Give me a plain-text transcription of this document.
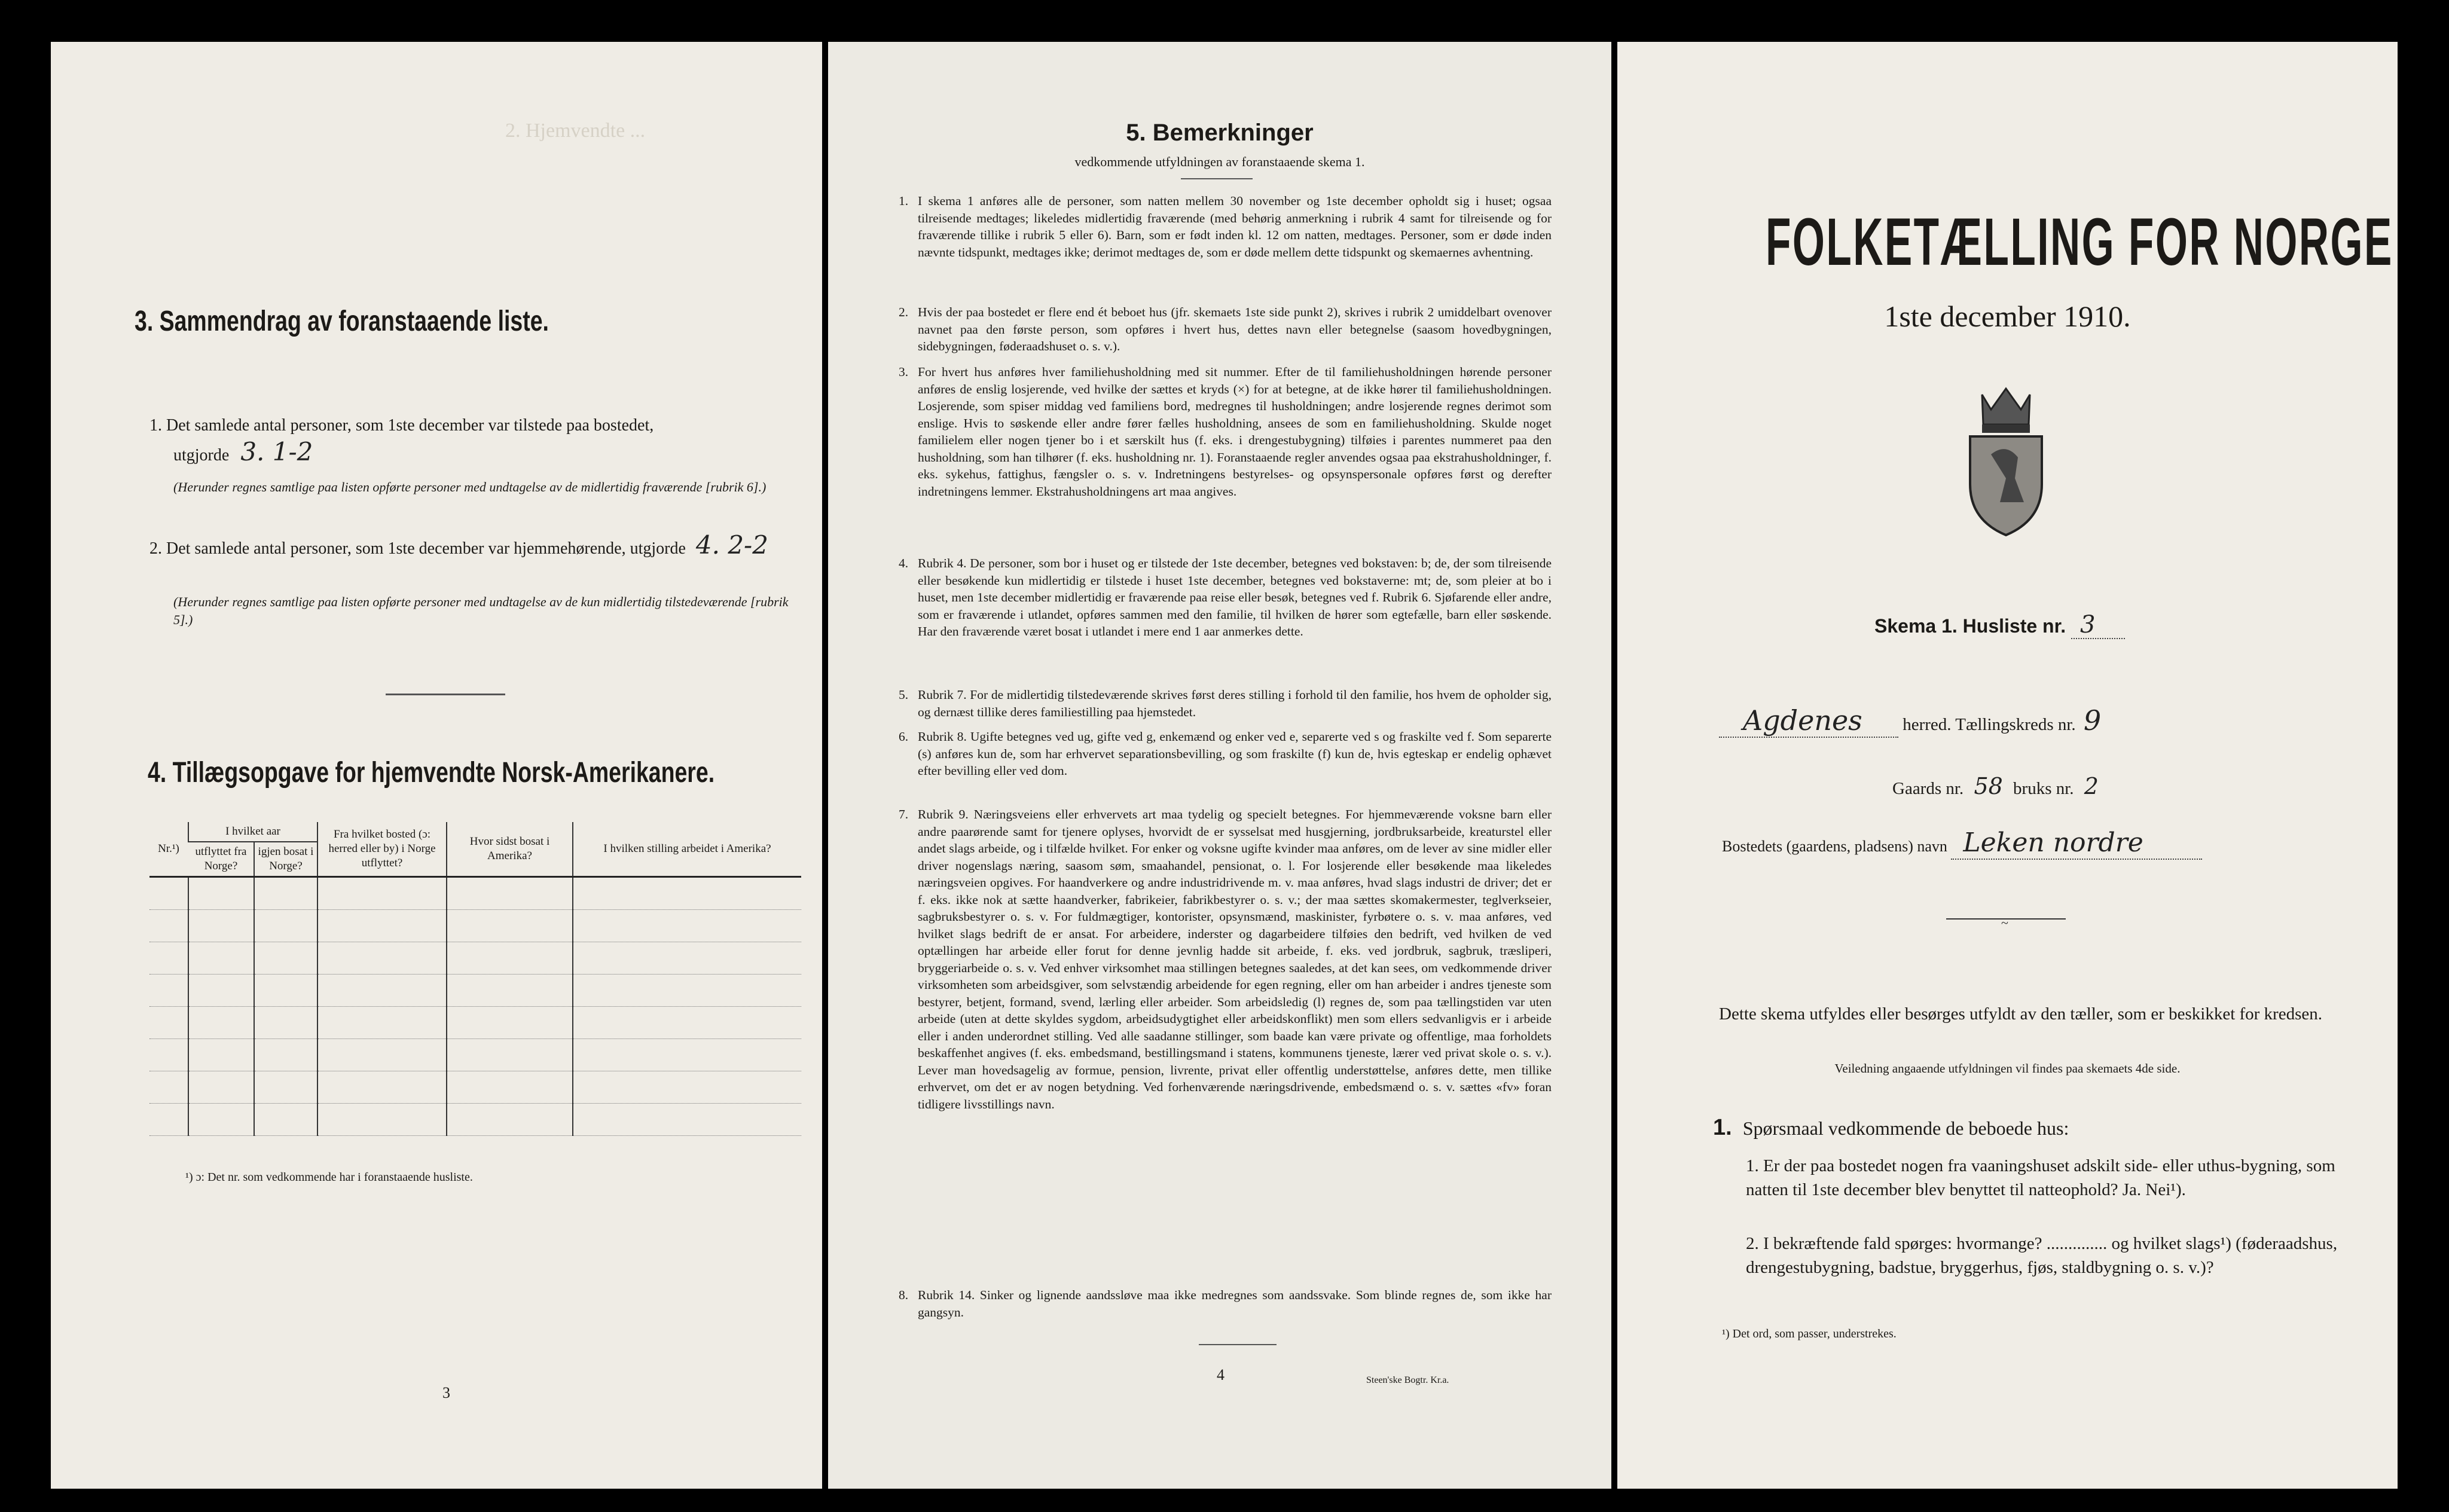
2. Hjemvendte ...
3. Sammendrag av foranstaaende liste.
1. Det samlede antal personer, som 1ste december var tilstede paa bostedet,
utgjorde 3. 1-2
(Herunder regnes samtlige paa listen opførte personer med undtagelse av de midlertidig fraværende [rubrik 6].)
2. Det samlede antal personer, som 1ste december var hjemmehørende, utgjorde 4. 2-2
(Herunder regnes samtlige paa listen opførte personer med undtagelse av de kun midlertidig tilstedeværende [rubrik 5].)
4. Tillægsopgave for hjemvendte Norsk-Amerikanere.
Nr.¹)	I hvilket aar		Fra hvilket bosted (ɔ: herred eller by) i Norge utflyttet?	Hvor sidst bosat i Amerika?	I hvilken stilling arbeidet i Amerika?
	utflyttet fra Norge?	igjen bosat i Norge?			

¹) ɔ: Det nr. som vedkommende har i foranstaaende husliste.
3
5. Bemerkninger
vedkommende utfyldningen av foranstaaende skema 1.
1. I skema 1 anføres alle de personer, som natten mellem 30 november og 1ste december opholdt sig i huset; ogsaa tilreisende medtages; likeledes midlertidig fraværende (med behørig anmerkning i rubrik 4 samt for tilreisende og for fraværende tillike i rubrik 5 eller 6). Barn, som er født inden kl. 12 om natten, medtages. Personer, som er døde inden nævnte tidspunkt, medtages ikke; derimot medtages de, som er døde mellem dette tidspunkt og skemaernes avhentning.
2. Hvis der paa bostedet er flere end ét beboet hus (jfr. skemaets 1ste side punkt 2), skrives i rubrik 2 umiddelbart ovenover navnet paa den første person, som opføres i hvert hus, dettes navn eller betegnelse (saasom hovedbygningen, sidebygningen, føderaadshuset o. s. v.).
3. For hvert hus anføres hver familiehusholdning med sit nummer. Efter de til familiehusholdningen hørende personer anføres de enslig losjerende, ved hvilke der sættes et kryds (×) for at betegne, at de ikke hører til familiehusholdningen. Losjerende, som spiser middag ved familiens bord, medregnes til husholdningen; andre losjerende regnes derimot som enslige. Hvis to søskende eller andre fører fælles husholdning, ansees de som en familiehusholdning. Skulde noget familielem eller nogen tjener bo i et særskilt hus (f. eks. i drengestubygning) tilføies i parentes nummeret paa den husholdning, som han tilhører (f. eks. husholdning nr. 1). Foranstaaende regler anvendes ogsaa paa ekstrahusholdninger, f. eks. sykehus, fattighus, fængsler o. s. v. Indretningens bestyrelses- og opsynspersonale opføres først og derefter indretningens lemmer. Ekstrahusholdningens art maa angives.
4. Rubrik 4. De personer, som bor i huset og er tilstede der 1ste december, betegnes ved bokstaven: b; de, der som tilreisende eller besøkende kun midlertidig er tilstede i huset 1ste december, betegnes ved bokstaverne: mt; de, som pleier at bo i huset, men 1ste december midlertidig er fraværende paa reise eller besøk, betegnes ved f. Rubrik 6. Sjøfarende eller andre, som er fraværende i utlandet, opføres sammen med den familie, til hvilken de hører som egtefælle, barn eller søskende. Har den fraværende været bosat i utlandet i mere end 1 aar anmerkes dette.
5. Rubrik 7. For de midlertidig tilstedeværende skrives først deres stilling i forhold til den familie, hos hvem de opholder sig, og dernæst tillike deres familiestilling paa hjemstedet.
6. Rubrik 8. Ugifte betegnes ved ug, gifte ved g, enkemænd og enker ved e, separerte ved s og fraskilte ved f. Som separerte (s) anføres kun de, som har erhvervet separationsbevilling, og som fraskilte (f) kun de, hvis egteskap er endelig ophævet efter bevilling eller ved dom.
7. Rubrik 9. Næringsveiens eller erhvervets art maa tydelig og specielt betegnes. For hjemmeværende voksne barn eller andre paarørende samt for tjenere oplyses, hvorvidt de er sysselsat med husgjerning, jordbruksarbeide, kreaturstel eller andet slags arbeide, og i tilfælde hvilket. For enker og voksne ugifte kvinder maa anføres, om de lever av sine midler eller driver nogenslags næring, saasom søm, smaahandel, pensionat, o. l. For losjerende eller besøkende maa likeledes næringsveien opgives. For haandverkere og andre industridrivende m. v. maa anføres, hvad slags industri de driver; det er f. eks. ikke nok at sætte haandverker, fabrikeier, fabrikbestyrer o. s. v.; der maa sættes skomakermester, teglverkseier, sagbruksbestyrer o. s. v. For fuldmægtiger, kontorister, opsynsmænd, maskinister, fyrbøtere o. s. v. maa anføres, ved hvilket slags bedrift de er ansat. For arbeidere, inderster og dagarbeidere tilføies den bedrift, ved hvilken de ved optællingen har arbeide eller forut for denne jevnlig hadde sit arbeide, f. eks. ved jordbruk, sagbruk, træsliperi, bryggeriarbeide o. s. v. Ved enhver virksomhet maa stillingen betegnes saaledes, at det kan sees, om vedkommende driver virksomheten som arbeidsgiver, som selvstændig arbeidende for egen regning, eller om han arbeider i andres tjeneste som bestyrer, betjent, formand, svend, lærling eller arbeider. Som arbeidsledig (l) regnes de, som paa tællingstiden var uten arbeide (uten at dette skyldes sygdom, arbeidsudygtighet eller arbeidskonflikt) men som ellers sedvanligvis er i arbeide eller i anden underordnet stilling. Ved alle saadanne stillinger, som baade kan være private og offentlige, maa forholdets beskaffenhet angives (f. eks. embedsmand, bestillingsmand i statens, kommunens tjeneste, lærer ved privat skole o. s. v.). Lever man hovedsagelig av formue, pension, livrente, privat eller offentlig understøttelse, anføres dette, men tillike erhvervet, om det er av nogen betydning. Ved forhenværende næringsdrivende, embedsmænd o. s. v. sættes «fv» foran tidligere livsstillings navn.
8. Rubrik 14. Sinker og lignende aandssløve maa ikke medregnes som aandssvake. Som blinde regnes de, som ikke har gangsyn.
4	Steen'ske Bogtr. Kr.a.
FOLKETÆLLING FOR NORGE
1ste december 1910.
Skema 1. Husliste nr. 3
Agdenes herred. Tællingskreds nr. 9
Gaards nr. 58 bruks nr. 2
Bostedets (gaardens, pladsens) navn Leken nordre
~
Dette skema utfyldes eller besørges utfyldt av den tæller, som er beskikket for kredsen.
Veiledning angaaende utfyldningen vil findes paa skemaets 4de side.
1. Spørsmaal vedkommende de beboede hus:
1. Er der paa bostedet nogen fra vaaningshuset adskilt side- eller uthus-bygning, som natten til 1ste december blev benyttet til natteophold? Ja. Nei¹).
2. I bekræftende fald spørges: hvormange? .............. og hvilket slags¹) (føderaadshus, drengestubygning, badstue, bryggerhus, fjøs, staldbygning o. s. v.)?
¹) Det ord, som passer, understrekes.
